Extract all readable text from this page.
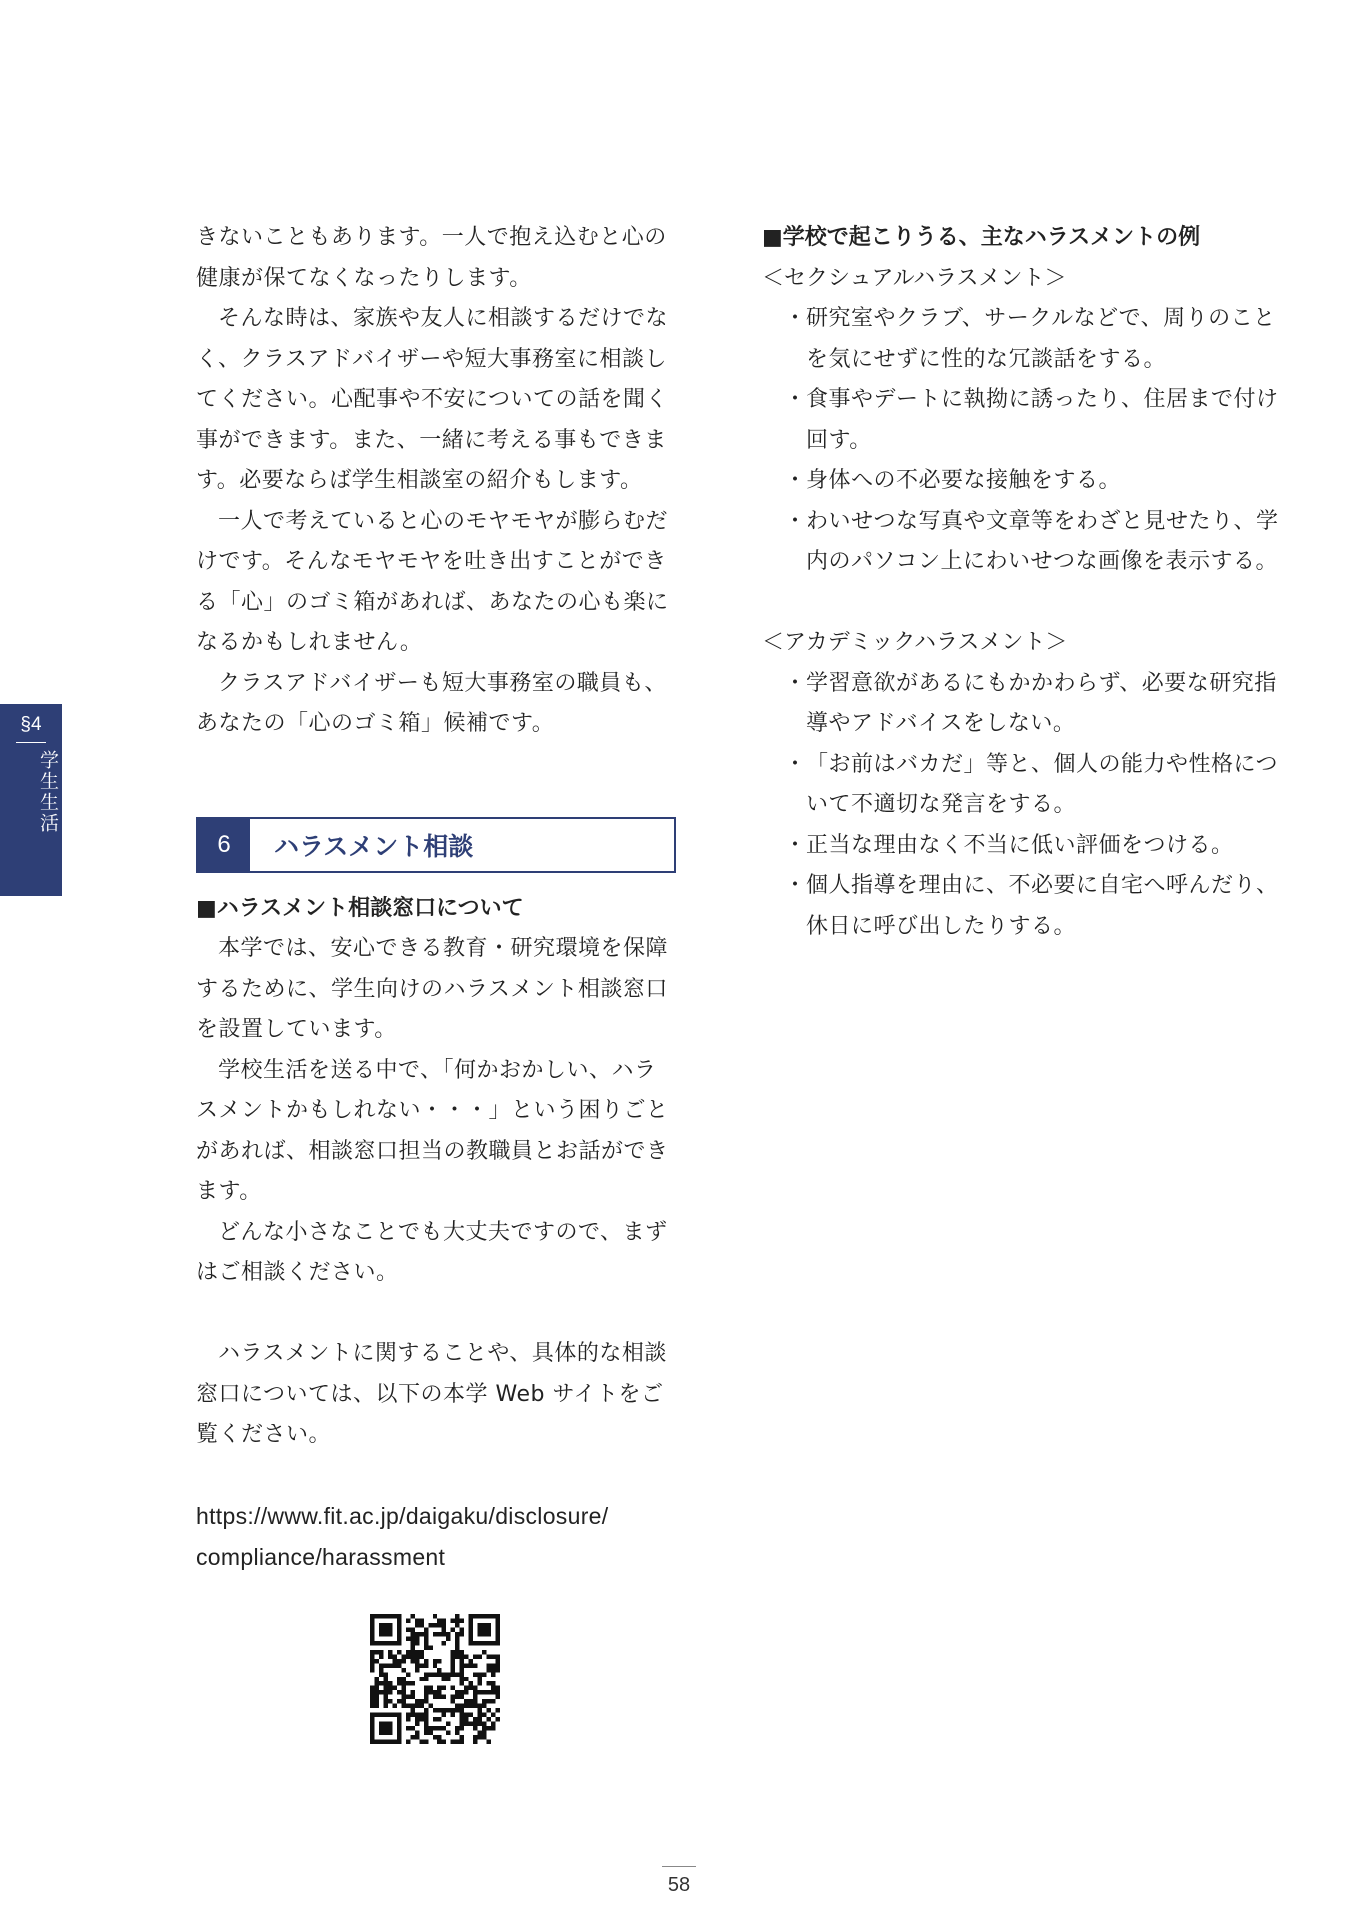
§4
学生生活

きないこともあります。一人で抱え込むと心の健康が保てなくなったりします。

そんな時は、家族や友人に相談するだけでなく、クラスアドバイザーや短大事務室に相談してください。心配事や不安についての話を聞く事ができます。また、一緒に考える事もできます。必要ならば学生相談室の紹介もします。

一人で考えていると心のモヤモヤが膨らむだけです。そんなモヤモヤを吐き出すことができる「心」のゴミ箱があれば、あなたの心も楽になるかもしれません。

クラスアドバイザーも短大事務室の職員も、あなたの「心のゴミ箱」候補です。

6	ハラスメント相談

■ハラスメント相談窓口について

本学では、安心できる教育・研究環境を保障するために、学生向けのハラスメント相談窓口を設置しています。

学校生活を送る中で、「何かおかしい、ハラスメントかもしれない・・・」という困りごとがあれば、相談窓口担当の教職員とお話ができます。

どんな小さなことでも大丈夫ですので、まずはご相談ください。

ハラスメントに関することや、具体的な相談窓口については、以下の本学 Web サイトをご覧ください。

https://www.fit.ac.jp/daigaku/disclosure/

compliance/harassment

■学校で起こりうる、主なハラスメントの例

＜セクシュアルハラスメント＞

・研究室やクラブ、サークルなどで、周りのことを気にせずに性的な冗談話をする。
・食事やデートに執拗に誘ったり、住居まで付け回す。
・身体への不必要な接触をする。
・わいせつな写真や文章等をわざと見せたり、学内のパソコン上にわいせつな画像を表示する。

＜アカデミックハラスメント＞

・学習意欲があるにもかかわらず、必要な研究指導やアドバイスをしない。
・「お前はバカだ」等と、個人の能力や性格について不適切な発言をする。
・正当な理由なく不当に低い評価をつける。
・個人指導を理由に、不必要に自宅へ呼んだり、休日に呼び出したりする。
58
